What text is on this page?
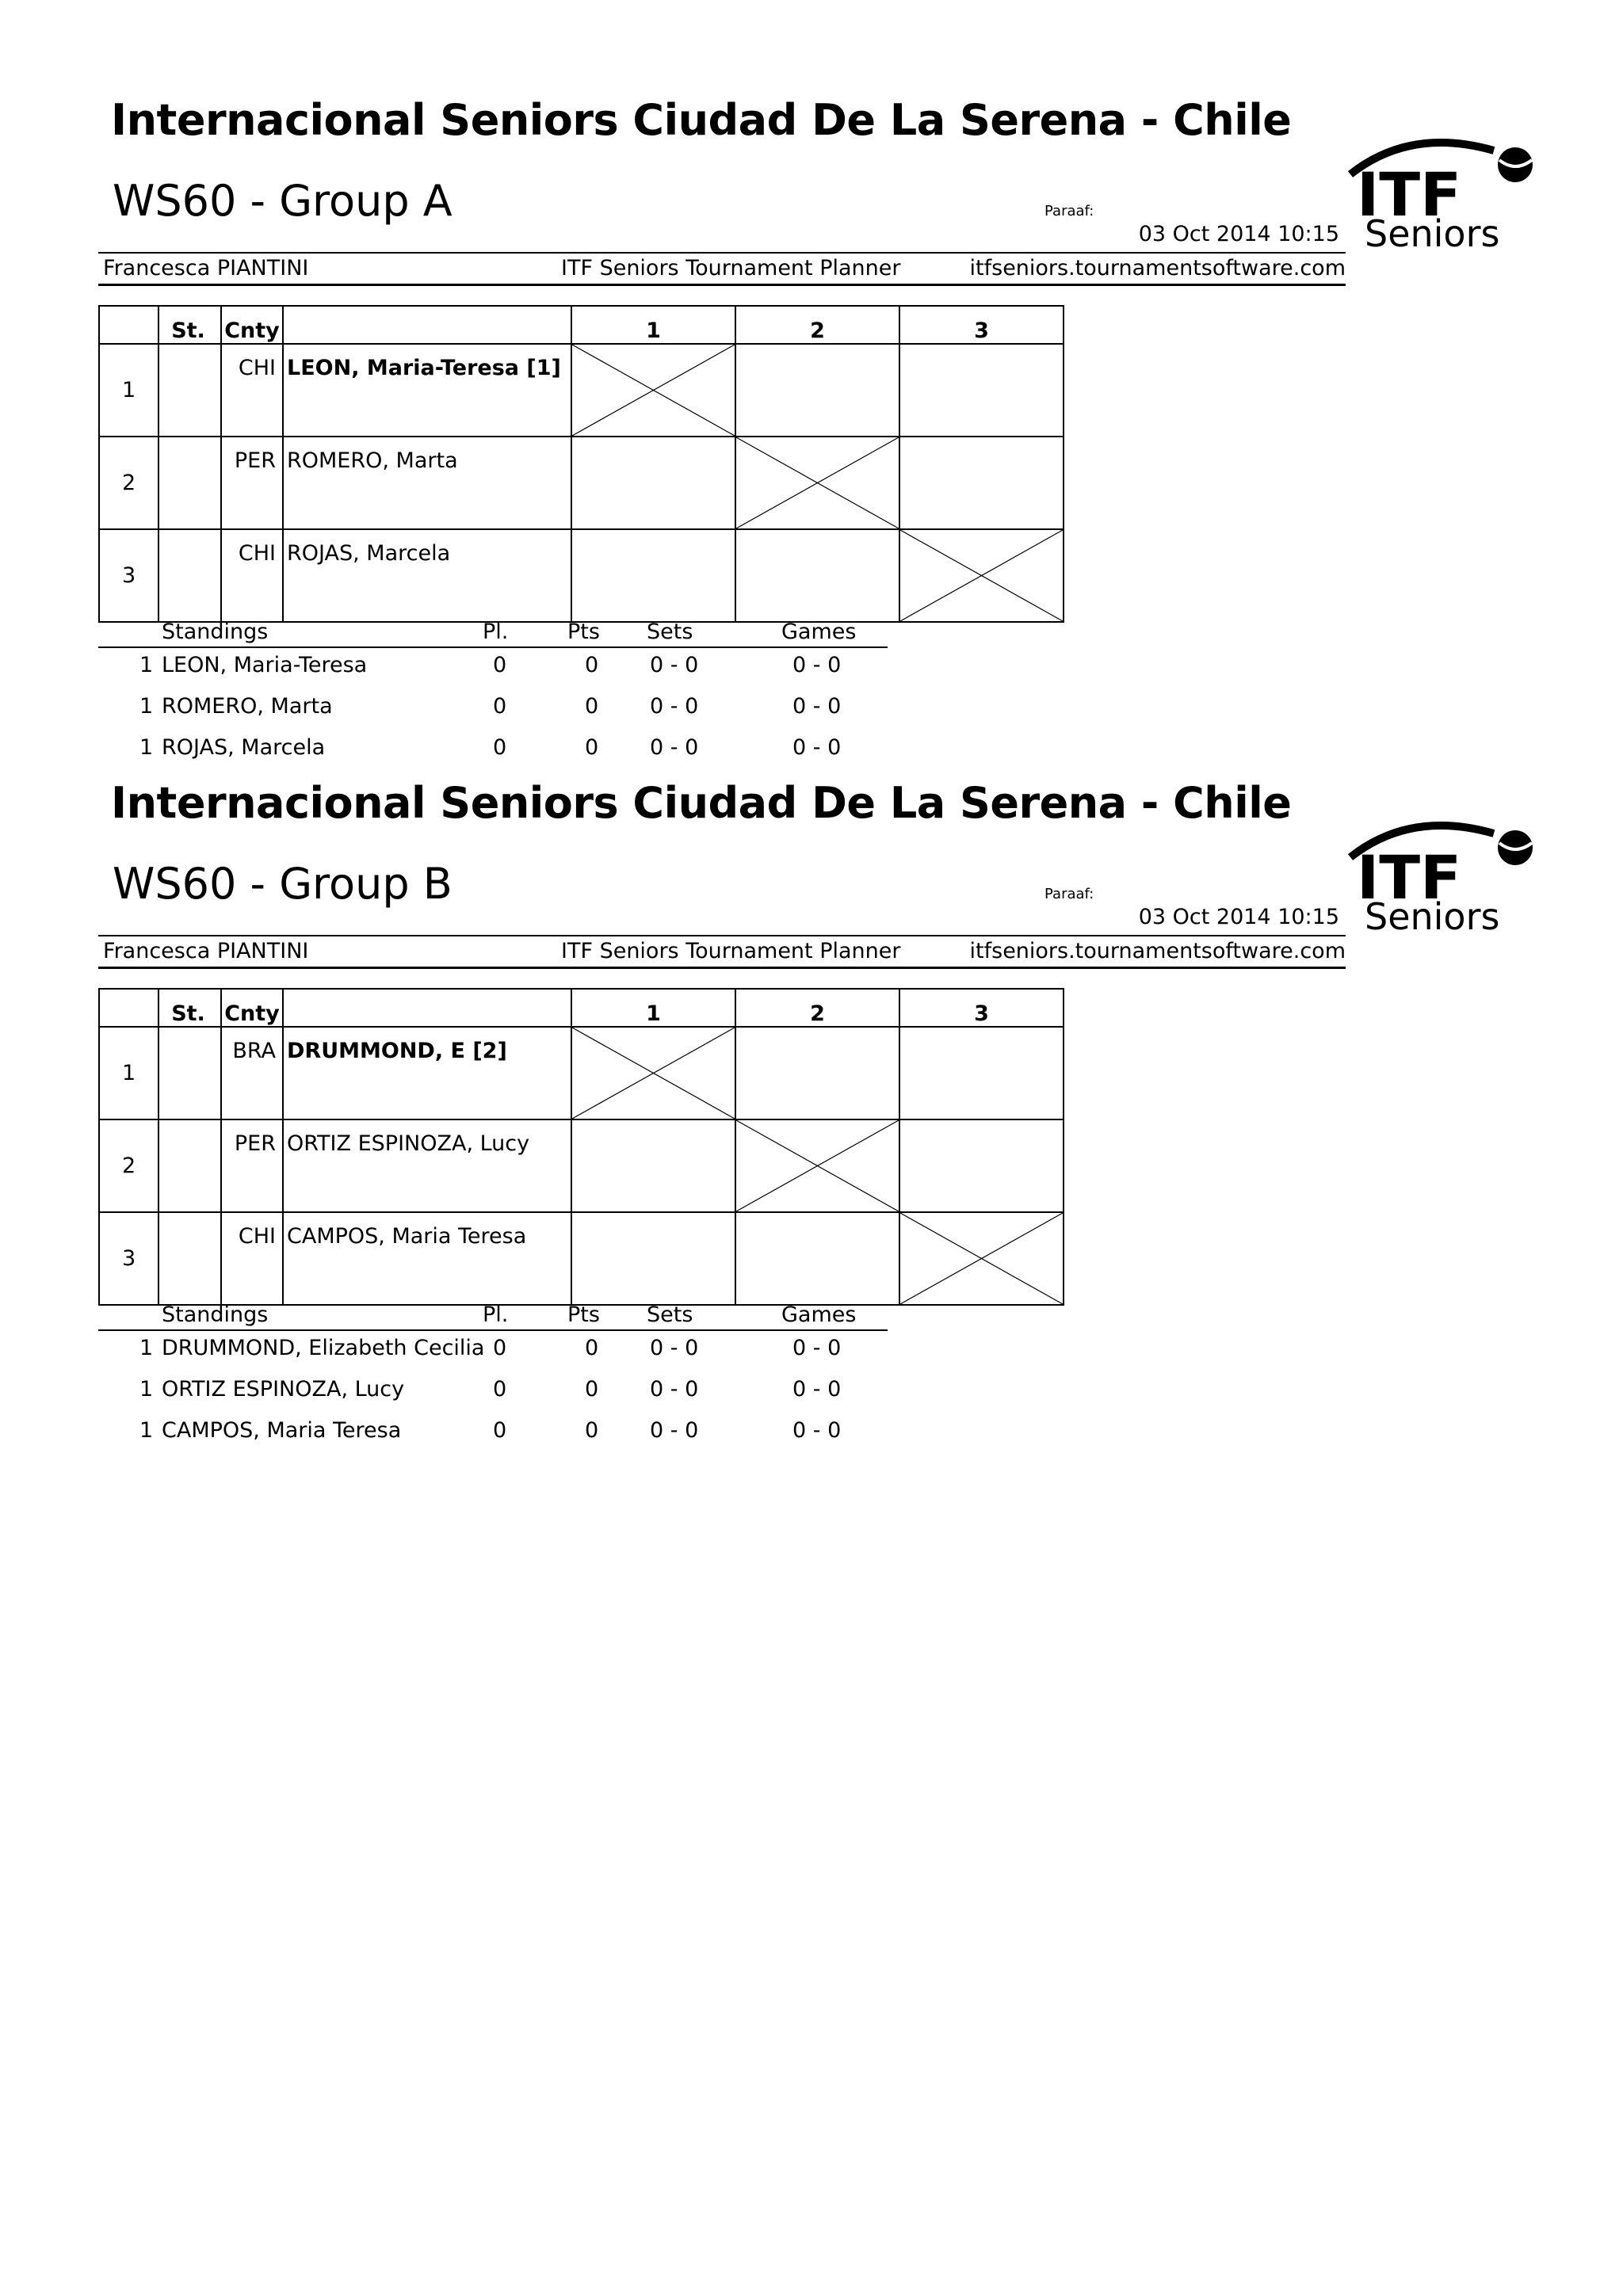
Internacional Seniors Ciudad De La Serena - Chile
WS60 - Group A	Paraaf:
03 Oct 2014 10:15
Francesca PIANTINI	ITF Seniors Tournament Planner	itfseniors.tournamentsoftware.com
ITF
Seniors
	St.	Cnty		1	2	3
1		CHI	LEON, Maria-Teresa [1]	

2		PER	ROMERO, Marta		

3		CHI	ROJAS, Marcela			
Standings	Pl.	Pts Sets	Games
1 LEON, Maria-Teresa	0	0 0 - 0	0 - 0
1 ROMERO, Marta	0	0 0 - 0	0 - 0
1 ROJAS, Marcela	0	0 0 - 0	0 - 0
Internacional Seniors Ciudad De La Serena - Chile
WS60 - Group B	Paraaf:
03 Oct 2014 10:15
Francesca PIANTINI	ITF Seniors Tournament Planner	itfseniors.tournamentsoftware.com
ITF
Seniors
	St.	Cnty		1	2	3
1		BRA	DRUMMOND, E [2]	

2		PER	ORTIZ ESPINOZA, Lucy		

3		CHI	CAMPOS, Maria Teresa			
Standings	Pl.	Pts Sets	Games
1 DRUMMOND, Elizabeth Cecilia 0	0 0 - 0	0 - 0
1 ORTIZ ESPINOZA, Lucy	0	0 0 - 0	0 - 0
1 CAMPOS, Maria Teresa	0	0 0 - 0	0 - 0
